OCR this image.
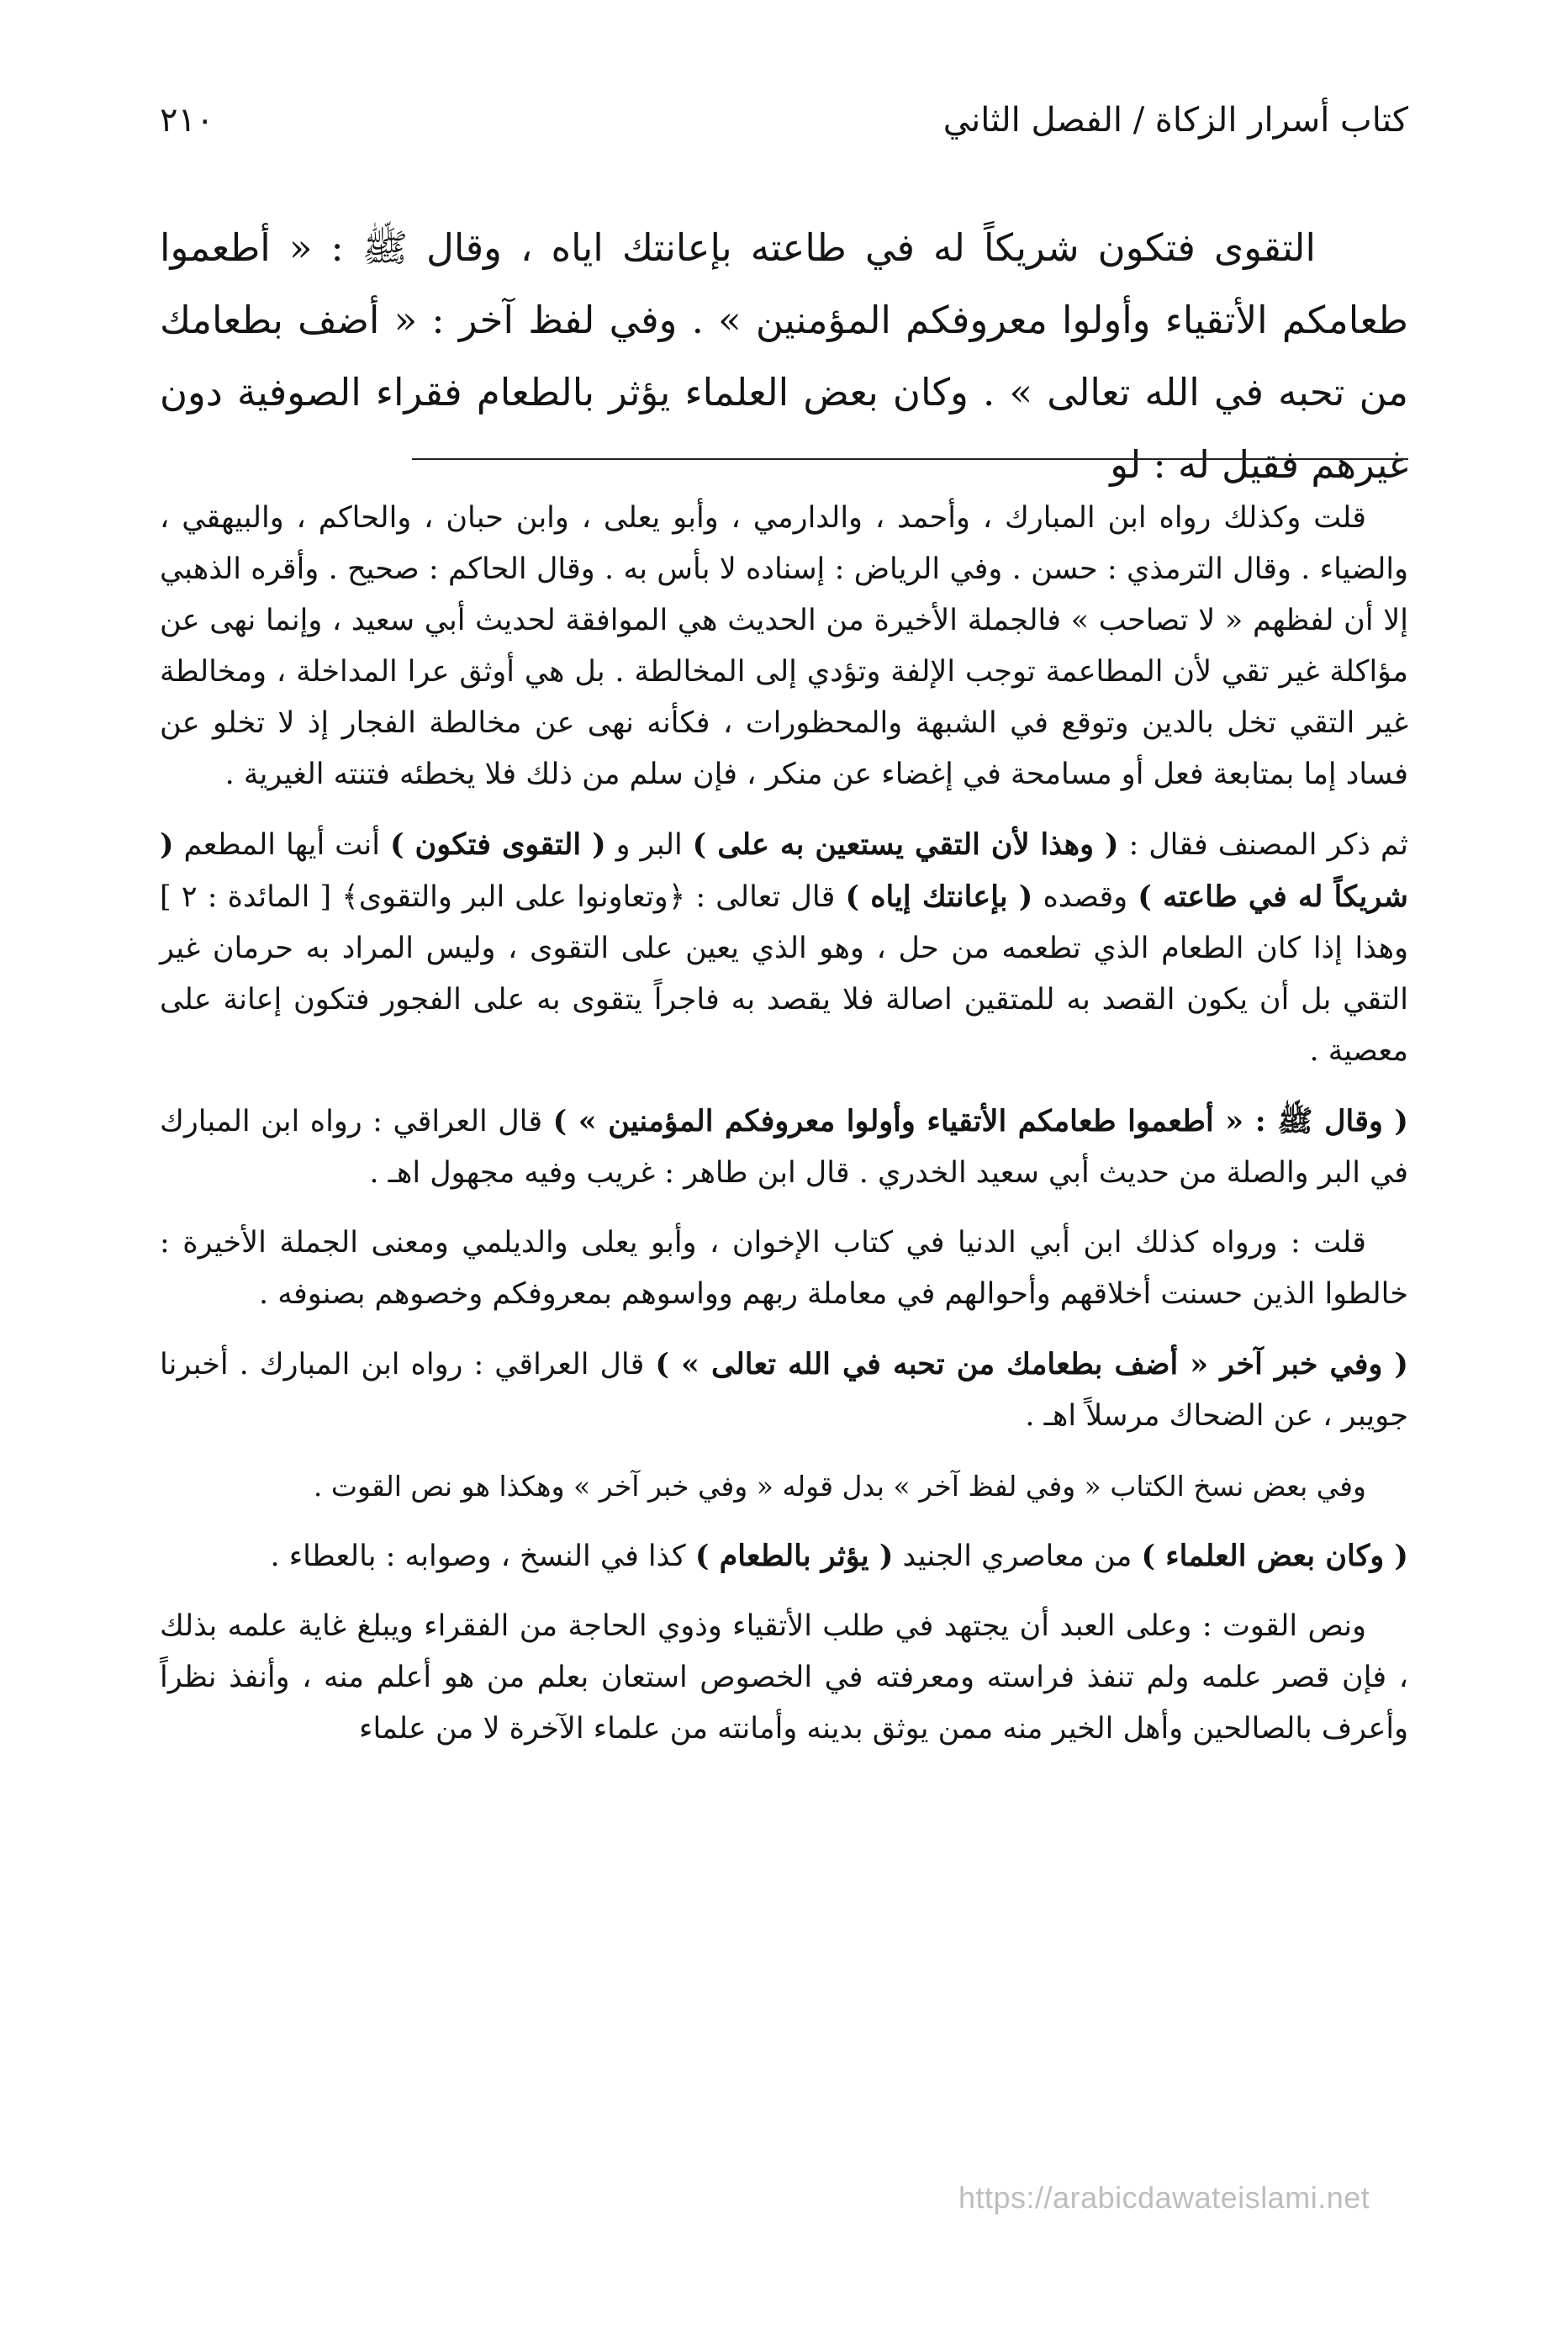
كتاب أسرار الزكاة / الفصل الثاني
٢١٠

التقوى فتكون شريكاً له في طاعته بإعانتك اياه ، وقال ﷺ : « أطعموا طعامكم الأتقياء وأولوا معروفكم المؤمنين » . وفي لفظ آخر : « أضف بطعامك من تحبه في الله تعالى » . وكان بعض العلماء يؤثر بالطعام فقراء الصوفية دون غيرهم فقيل له : لو

قلت وكذلك رواه ابن المبارك ، وأحمد ، والدارمي ، وأبو يعلى ، وابن حبان ، والحاكم ، والبيهقي ، والضياء . وقال الترمذي : حسن . وفي الرياض : إسناده لا بأس به . وقال الحاكم : صحيح . وأقره الذهبي إلا أن لفظهم « لا تصاحب » فالجملة الأخيرة من الحديث هي الموافقة لحديث أبي سعيد ، وإنما نهى عن مؤاكلة غير تقي لأن المطاعمة توجب الإلفة وتؤدي إلى المخالطة . بل هي أوثق عرا المداخلة ، ومخالطة غير التقي تخل بالدين وتوقع في الشبهة والمحظورات ، فكأنه نهى عن مخالطة الفجار إذ لا تخلو عن فساد إما بمتابعة فعل أو مسامحة في إغضاء عن منكر ، فإن سلم من ذلك فلا يخطئه فتنته الغيرية .

ثم ذكر المصنف فقال : ( وهذا لأن التقي يستعين به على ) البر و ( التقوى فتكون ) أنت أيها المطعم ( شريكاً له في طاعته ) وقصده ( بإعانتك إياه ) قال تعالى : ﴿وتعاونوا على البر والتقوى﴾ [ المائدة : ٢ ] وهذا إذا كان الطعام الذي تطعمه من حل ، وهو الذي يعين على التقوى ، وليس المراد به حرمان غير التقي بل أن يكون القصد به للمتقين اصالة فلا يقصد به فاجراً يتقوى به على الفجور فتكون إعانة على معصية .

( وقال ﷺ : « أطعموا طعامكم الأتقياء وأولوا معروفكم المؤمنين » ) قال العراقي : رواه ابن المبارك في البر والصلة من حديث أبي سعيد الخدري . قال ابن طاهر : غريب وفيه مجهول اهـ .

قلت : ورواه كذلك ابن أبي الدنيا في كتاب الإخوان ، وأبو يعلى والديلمي ومعنى الجملة الأخيرة : خالطوا الذين حسنت أخلاقهم وأحوالهم في معاملة ربهم وواسوهم بمعروفكم وخصوهم بصنوفه .

( وفي خبر آخر « أضف بطعامك من تحبه في الله تعالى » ) قال العراقي : رواه ابن المبارك . أخبرنا جويبر ، عن الضحاك مرسلاً اهـ .

وفي بعض نسخ الكتاب « وفي لفظ آخر » بدل قوله « وفي خبر آخر » وهكذا هو نص القوت .

( وكان بعض العلماء ) من معاصري الجنيد ( يؤثر بالطعام ) كذا في النسخ ، وصوابه : بالعطاء .

ونص القوت : وعلى العبد أن يجتهد في طلب الأتقياء وذوي الحاجة من الفقراء ويبلغ غاية علمه بذلك ، فإن قصر علمه ولم تنفذ فراسته ومعرفته في الخصوص استعان بعلم من هو أعلم منه ، وأنفذ نظراً وأعرف بالصالحين وأهل الخير منه ممن يوثق بدينه وأمانته من علماء الآخرة لا من علماء

https://arabicdawateislami.net
